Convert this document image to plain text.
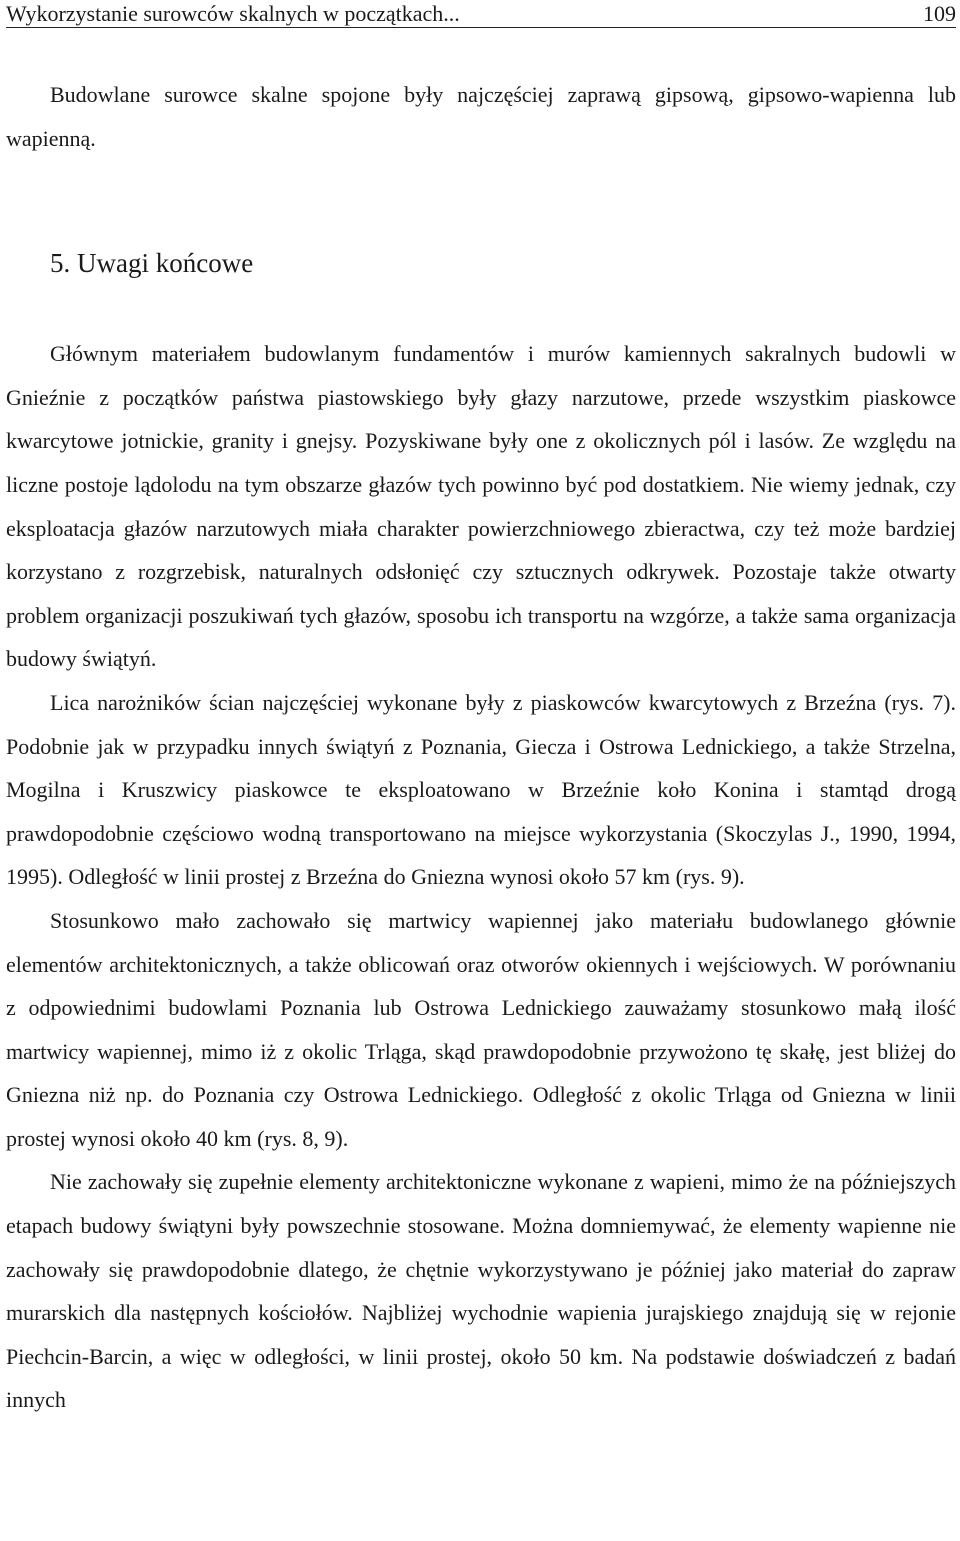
Wykorzystanie surowców skalnych w początkach...	109

Budowlane surowce skalne spojone były najczęściej zaprawą gipsową, gipsowo-wapienna lub wapienną.

5. Uwagi końcowe

Głównym materiałem budowlanym fundamentów i murów kamiennych sakralnych budowli w Gnieźnie z początków państwa piastowskiego były głazy narzutowe, przede wszystkim piaskowce kwarcytowe jotnickie, granity i gnejsy. Pozyskiwane były one z okolicznych pól i lasów. Ze względu na liczne postoje lądolodu na tym obszarze głazów tych powinno być pod dostatkiem. Nie wiemy jednak, czy eksploatacja głazów narzutowych miała charakter powierzchniowego zbieractwa, czy też może bardziej korzystano z rozgrzebisk, naturalnych odsłonięć czy sztucznych odkrywek. Pozostaje także otwarty problem organizacji poszukiwań tych głazów, sposobu ich transportu na wzgórze, a także sama organizacja budowy świątyń.

Lica narożników ścian najczęściej wykonane były z piaskowców kwarcytowych z Brzeźna (rys. 7). Podobnie jak w przypadku innych świątyń z Poznania, Giecza i Ostrowa Lednickiego, a także Strzelna, Mogilna i Kruszwicy piaskowce te eksploatowano w Brzeźnie koło Konina i stamtąd drogą prawdopodobnie częściowo wodną transportowano na miejsce wykorzystania (Skoczylas J., 1990, 1994, 1995). Odległość w linii prostej z Brzeźna do Gniezna wynosi około 57 km (rys. 9).

Stosunkowo mało zachowało się martwicy wapiennej jako materiału budowlanego głównie elementów architektonicznych, a także oblicowań oraz otworów okiennych i wejściowych. W porównaniu z odpowiednimi budowlami Poznania lub Ostrowa Lednickiego zauważamy stosunkowo małą ilość martwicy wapiennej, mimo iż z okolic Trląga, skąd prawdopodobnie przywożono tę skałę, jest bliżej do Gniezna niż np. do Poznania czy Ostrowa Lednickiego. Odległość z okolic Trląga od Gniezna w linii prostej wynosi około 40 km (rys. 8, 9).

Nie zachowały się zupełnie elementy architektoniczne wykonane z wapieni, mimo że na późniejszych etapach budowy świątyni były powszechnie stosowane. Można domniemywać, że elementy wapienne nie zachowały się prawdopodobnie dlatego, że chętnie wykorzystywano je później jako materiał do zapraw murarskich dla następnych kościołów. Najbliżej wychodnie wapienia jurajskiego znajdują się w rejonie Piechcin-Barcin, a więc w odległości, w linii prostej, około 50 km. Na podstawie doświadczeń z badań innych
